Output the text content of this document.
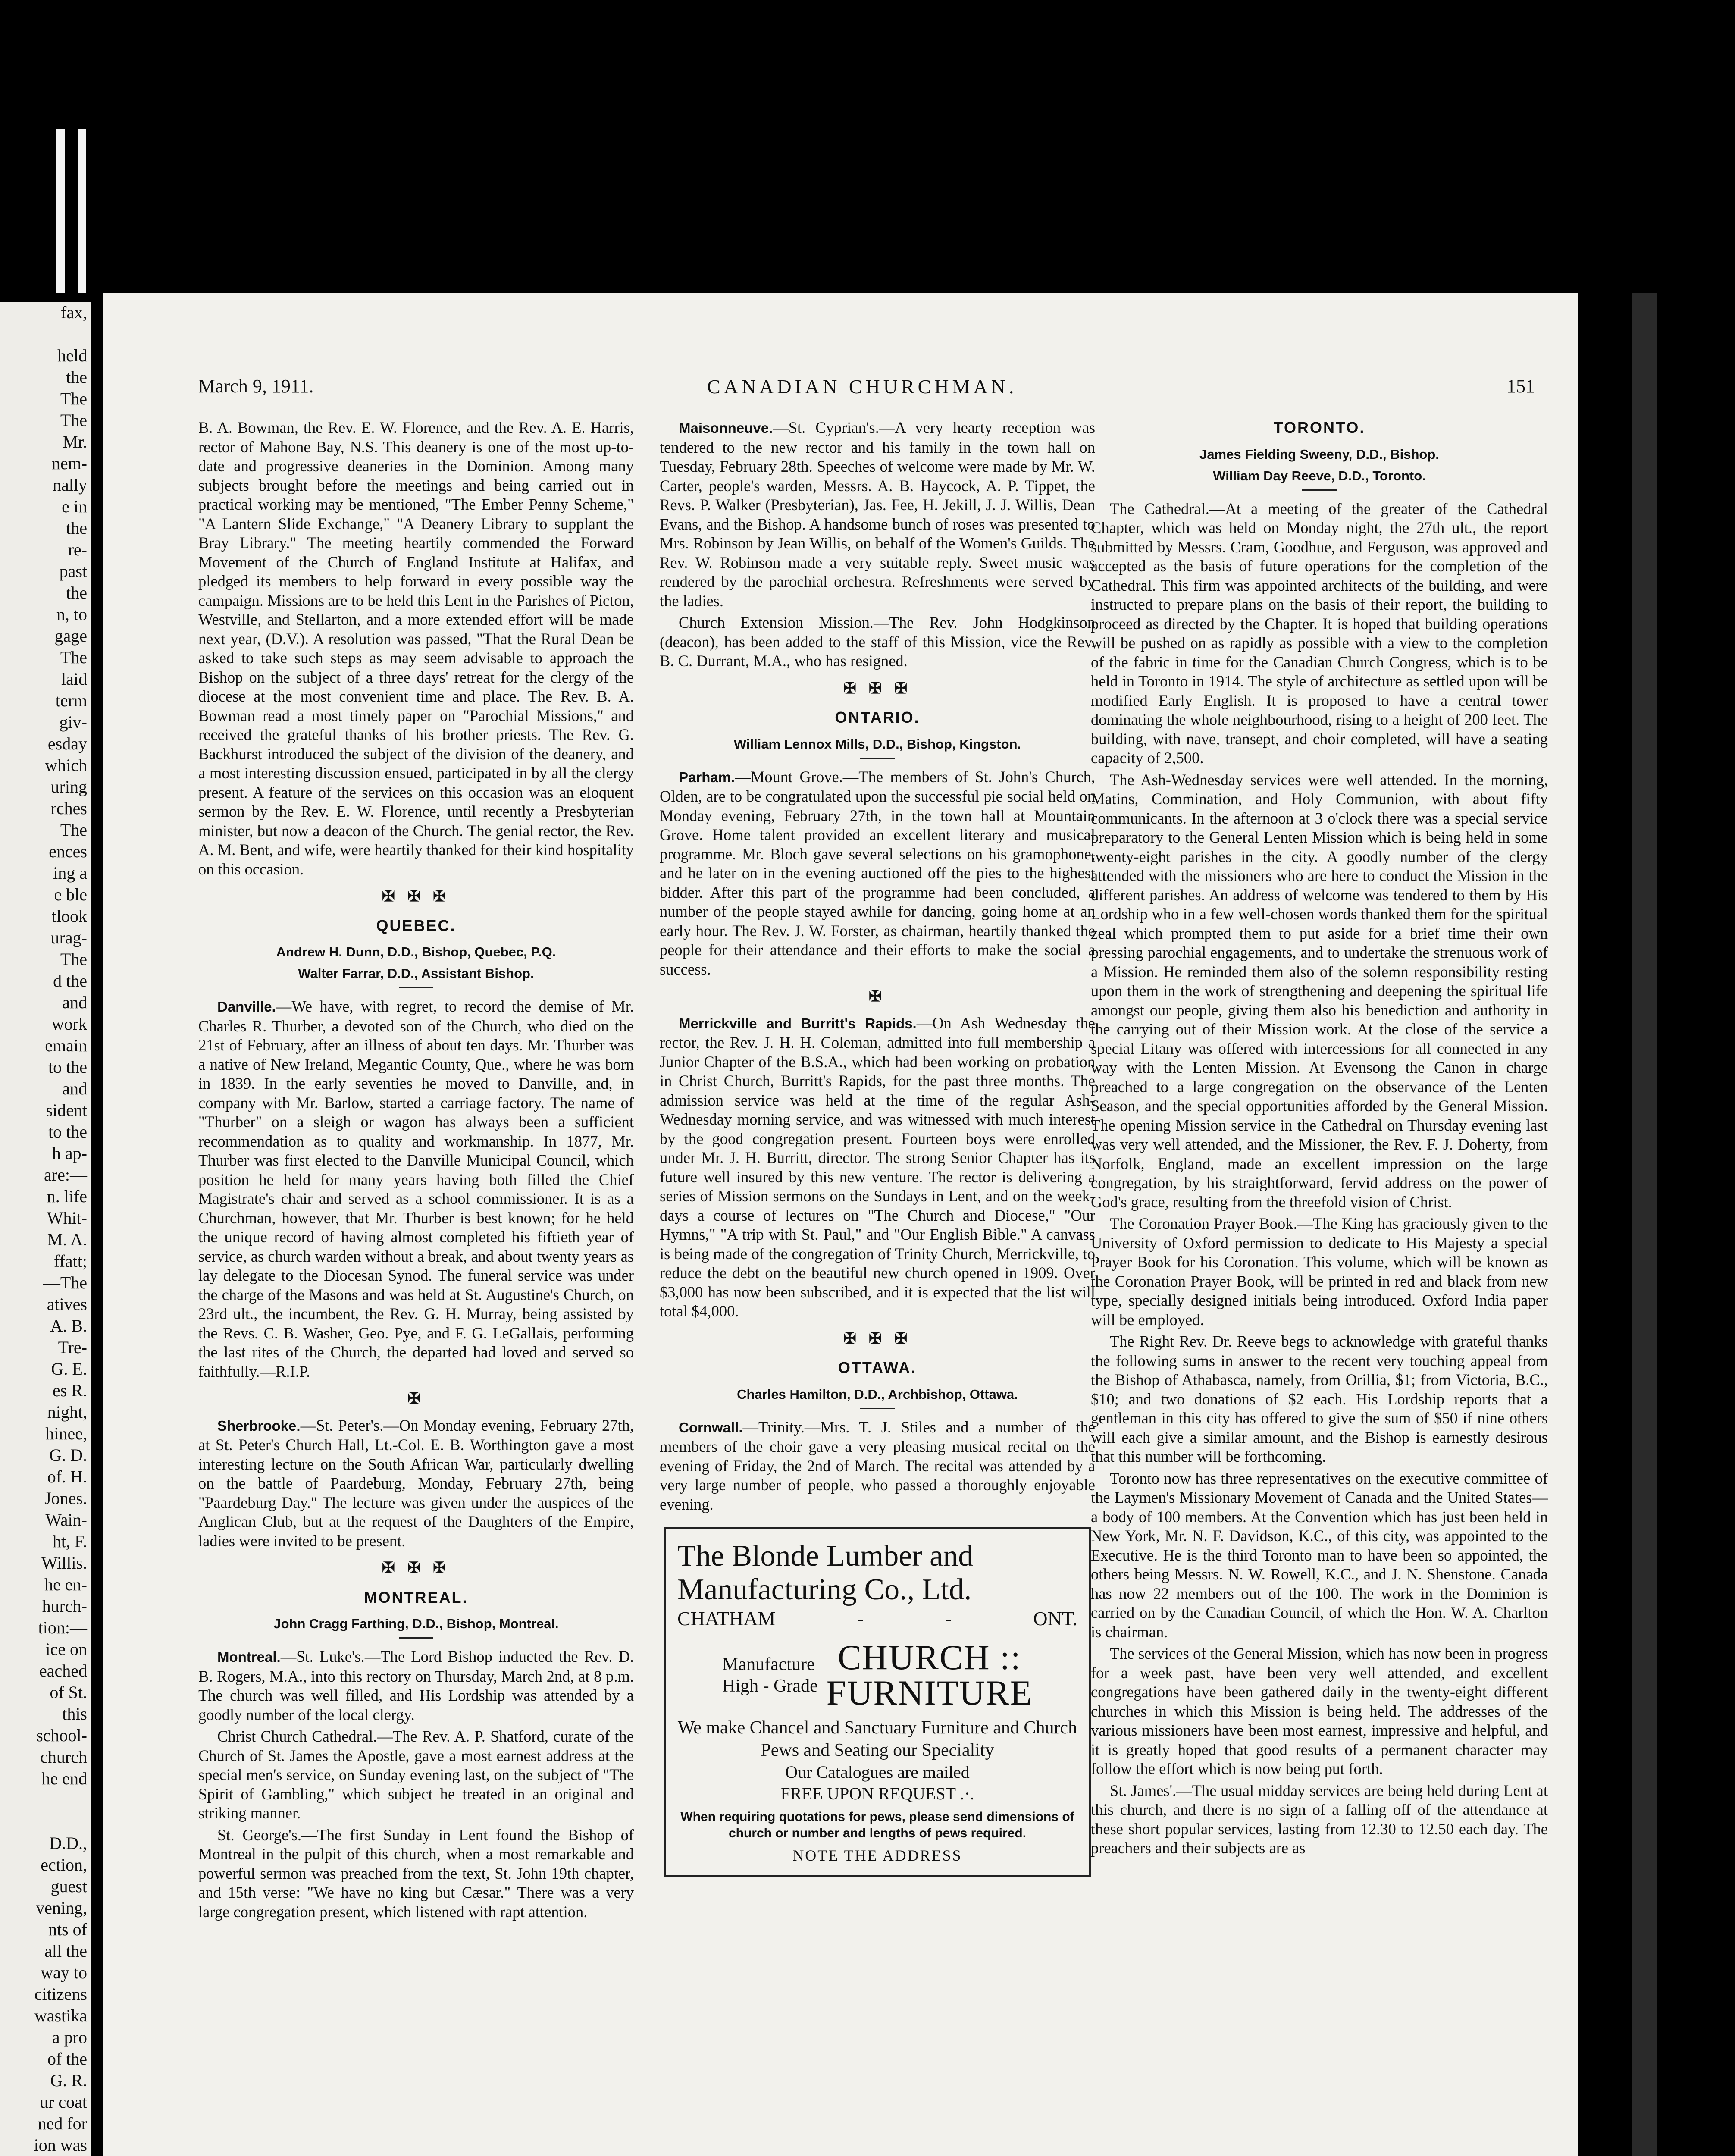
fax,

held

the

The

The

Mr.

nem-

nally

e in

the

re-

past

the

n, to

gage

The

laid

term

giv-

esday

which

uring

rches

The

ences

ing a

e ble

tlook

urag-

The

d the

and

work

emain

to the

and

sident

to the

h ap-

are:—

n. life

Whit-

M. A.

ffatt;

—The

atives

A. B.

Tre-

G. E.

es R.

night,

hinee,

G. D.

of. H.

Jones.

Wain-

ht, F.

Willis.

he en-

hurch-

tion:—

ice on

eached

of St.

this

school-

church

he end

D.D.,

ection,

guest

vening,

nts of

all the

way to

citizens

wastika

a pro

of the

G. R.

ur coat

ned for

ion was

March 9, 1911.	CANADIAN CHURCHMAN.	151

B. A. Bowman, the Rev. E. W. Florence, and the Rev. A. E. Harris, rector of Mahone Bay, N.S. This deanery is one of the most up-to-date and progressive deaneries in the Dominion. Among many subjects brought before the meetings and being carried out in practical working may be mentioned, "The Ember Penny Scheme," "A Lantern Slide Exchange," "A Deanery Library to supplant the Bray Library." The meeting heartily commended the Forward Movement of the Church of England Institute at Halifax, and pledged its members to help forward in every possible way the campaign. Missions are to be held this Lent in the Parishes of Picton, Westville, and Stellarton, and a more extended effort will be made next year, (D.V.). A resolution was passed, "That the Rural Dean be asked to take such steps as may seem advisable to approach the Bishop on the subject of a three days' retreat for the clergy of the diocese at the most convenient time and place. The Rev. B. A. Bowman read a most timely paper on "Parochial Missions," and received the grateful thanks of his brother priests. The Rev. G. Backhurst introduced the subject of the division of the deanery, and a most interesting discussion ensued, participated in by all the clergy present. A feature of the services on this occasion was an eloquent sermon by the Rev. E. W. Florence, until recently a Presbyterian minister, but now a deacon of the Church. The genial rector, the Rev. A. M. Bent, and wife, were heartily thanked for their kind hospitality on this occasion.

✠ ✠ ✠
QUEBEC.
Andrew H. Dunn, D.D., Bishop, Quebec, P.Q.
Walter Farrar, D.D., Assistant Bishop.

Danville.—We have, with regret, to record the demise of Mr. Charles R. Thurber, a devoted son of the Church, who died on the 21st of February, after an illness of about ten days. Mr. Thurber was a native of New Ireland, Megantic County, Que., where he was born in 1839. In the early seventies he moved to Danville, and, in company with Mr. Barlow, started a carriage factory. The name of "Thurber" on a sleigh or wagon has always been a sufficient recommendation as to quality and workmanship. In 1877, Mr. Thurber was first elected to the Danville Municipal Council, which position he held for many years having both filled the Chief Magistrate's chair and served as a school commissioner. It is as a Churchman, however, that Mr. Thurber is best known; for he held the unique record of having almost completed his fiftieth year of service, as church warden without a break, and about twenty years as lay delegate to the Diocesan Synod. The funeral service was under the charge of the Masons and was held at St. Augustine's Church, on 23rd ult., the incumbent, the Rev. G. H. Murray, being assisted by the Revs. C. B. Washer, Geo. Pye, and F. G. LeGallais, performing the last rites of the Church, the departed had loved and served so faithfully.—R.I.P.

✠

Sherbrooke.—St. Peter's.—On Monday evening, February 27th, at St. Peter's Church Hall, Lt.-Col. E. B. Worthington gave a most interesting lecture on the South African War, particularly dwelling on the battle of Paardeburg, Monday, February 27th, being "Paardeburg Day." The lecture was given under the auspices of the Anglican Club, but at the request of the Daughters of the Empire, ladies were invited to be present.

✠ ✠ ✠
MONTREAL.
John Cragg Farthing, D.D., Bishop, Montreal.

Montreal.—St. Luke's.—The Lord Bishop inducted the Rev. D. B. Rogers, M.A., into this rectory on Thursday, March 2nd, at 8 p.m. The church was well filled, and His Lordship was attended by a goodly number of the local clergy.

Christ Church Cathedral.—The Rev. A. P. Shatford, curate of the Church of St. James the Apostle, gave a most earnest address at the special men's service, on Sunday evening last, on the subject of "The Spirit of Gambling," which subject he treated in an original and striking manner.

St. George's.—The first Sunday in Lent found the Bishop of Montreal in the pulpit of this church, when a most remarkable and powerful sermon was preached from the text, St. John 19th chapter, and 15th verse: "We have no king but Cæsar." There was a very large congregation present, which listened with rapt attention.

Maisonneuve.—St. Cyprian's.—A very hearty reception was tendered to the new rector and his family in the town hall on Tuesday, February 28th. Speeches of welcome were made by Mr. W. Carter, people's warden, Messrs. A. B. Haycock, A. P. Tippet, the Revs. P. Walker (Presbyterian), Jas. Fee, H. Jekill, J. J. Willis, Dean Evans, and the Bishop. A handsome bunch of roses was presented to Mrs. Robinson by Jean Willis, on behalf of the Women's Guilds. The Rev. W. Robinson made a very suitable reply. Sweet music was rendered by the parochial orchestra. Refreshments were served by the ladies.

Church Extension Mission.—The Rev. John Hodgkinson (deacon), has been added to the staff of this Mission, vice the Rev. B. C. Durrant, M.A., who has resigned.

✠ ✠ ✠
ONTARIO.
William Lennox Mills, D.D., Bishop, Kingston.

Parham.—Mount Grove.—The members of St. John's Church, Olden, are to be congratulated upon the successful pie social held on Monday evening, February 27th, in the town hall at Mountain Grove. Home talent provided an excellent literary and musical programme. Mr. Bloch gave several selections on his gramophone, and he later on in the evening auctioned off the pies to the highest bidder. After this part of the programme had been concluded, a number of the people stayed awhile for dancing, going home at an early hour. The Rev. J. W. Forster, as chairman, heartily thanked the people for their attendance and their efforts to make the social a success.

✠

Merrickville and Burritt's Rapids.—On Ash Wednesday the rector, the Rev. J. H. H. Coleman, admitted into full membership a Junior Chapter of the B.S.A., which had been working on probation in Christ Church, Burritt's Rapids, for the past three months. The admission service was held at the time of the regular Ash-Wednesday morning service, and was witnessed with much interest by the good congregation present. Fourteen boys were enrolled under Mr. J. H. Burritt, director. The strong Senior Chapter has its future well insured by this new venture. The rector is delivering a series of Mission sermons on the Sundays in Lent, and on the week-days a course of lectures on "The Church and Diocese," "Our Hymns," "A trip with St. Paul," and "Our English Bible." A canvass is being made of the congregation of Trinity Church, Merrickville, to reduce the debt on the beautiful new church opened in 1909. Over $3,000 has now been subscribed, and it is expected that the list will total $4,000.

✠ ✠ ✠
OTTAWA.
Charles Hamilton, D.D., Archbishop, Ottawa.

Cornwall.—Trinity.—Mrs. T. J. Stiles and a number of the members of the choir gave a very pleasing musical recital on the evening of Friday, the 2nd of March. The recital was attended by a very large number of people, who passed a thoroughly enjoyable evening.

The Blonde Lumber and Manufacturing Co., Ltd.
CHATHAM	-	-	ONT.
Manufacture
High - Grade
CHURCH ::
FURNITURE
We make Chancel and Sanctuary Furniture and Church Pews and Seating our Speciality
Our Catalogues are mailed
FREE UPON REQUEST .·.
When requiring quotations for pews, please send dimensions of church or number and lengths of pews required.
NOTE THE ADDRESS
TORONTO.
James Fielding Sweeny, D.D., Bishop.
William Day Reeve, D.D., Toronto.

The Cathedral.—At a meeting of the greater of the Cathedral Chapter, which was held on Monday night, the 27th ult., the report submitted by Messrs. Cram, Goodhue, and Ferguson, was approved and accepted as the basis of future operations for the completion of the Cathedral. This firm was appointed architects of the building, and were instructed to prepare plans on the basis of their report, the building to proceed as directed by the Chapter. It is hoped that building operations will be pushed on as rapidly as possible with a view to the completion of the fabric in time for the Canadian Church Congress, which is to be held in Toronto in 1914. The style of architecture as settled upon will be modified Early English. It is proposed to have a central tower dominating the whole neighbourhood, rising to a height of 200 feet. The building, with nave, transept, and choir completed, will have a seating capacity of 2,500.

The Ash-Wednesday services were well attended. In the morning, Matins, Commination, and Holy Communion, with about fifty communicants. In the afternoon at 3 o'clock there was a special service preparatory to the General Lenten Mission which is being held in some twenty-eight parishes in the city. A goodly number of the clergy attended with the missioners who are here to conduct the Mission in the different parishes. An address of welcome was tendered to them by His Lordship who in a few well-chosen words thanked them for the spiritual zeal which prompted them to put aside for a brief time their own pressing parochial engagements, and to undertake the strenuous work of a Mission. He reminded them also of the solemn responsibility resting upon them in the work of strengthening and deepening the spiritual life amongst our people, giving them also his benediction and authority in the carrying out of their Mission work. At the close of the service a special Litany was offered with intercessions for all connected in any way with the Lenten Mission. At Evensong the Canon in charge preached to a large congregation on the observance of the Lenten Season, and the special opportunities afforded by the General Mission. The opening Mission service in the Cathedral on Thursday evening last was very well attended, and the Missioner, the Rev. F. J. Doherty, from Norfolk, England, made an excellent impression on the large congregation, by his straightforward, fervid address on the power of God's grace, resulting from the threefold vision of Christ.

The Coronation Prayer Book.—The King has graciously given to the University of Oxford permission to dedicate to His Majesty a special Prayer Book for his Coronation. This volume, which will be known as the Coronation Prayer Book, will be printed in red and black from new type, specially designed initials being introduced. Oxford India paper will be employed.

The Right Rev. Dr. Reeve begs to acknowledge with grateful thanks the following sums in answer to the recent very touching appeal from the Bishop of Athabasca, namely, from Orillia, $1; from Victoria, B.C., $10; and two donations of $2 each. His Lordship reports that a gentleman in this city has offered to give the sum of $50 if nine others will each give a similar amount, and the Bishop is earnestly desirous that this number will be forthcoming.

Toronto now has three representatives on the executive committee of the Laymen's Missionary Movement of Canada and the United States—a body of 100 members. At the Convention which has just been held in New York, Mr. N. F. Davidson, K.C., of this city, was appointed to the Executive. He is the third Toronto man to have been so appointed, the others being Messrs. N. W. Rowell, K.C., and J. N. Shenstone. Canada has now 22 members out of the 100. The work in the Dominion is carried on by the Canadian Council, of which the Hon. W. A. Charlton is chairman.

The services of the General Mission, which has now been in progress for a week past, have been very well attended, and excellent congregations have been gathered daily in the twenty-eight different churches in which this Mission is being held. The addresses of the various missioners have been most earnest, impressive and helpful, and it is greatly hoped that good results of a permanent character may follow the effort which is now being put forth.

St. James'.—The usual midday services are being held during Lent at this church, and there is no sign of a falling off of the attendance at these short popular services, lasting from 12.30 to 12.50 each day. The preachers and their subjects are as
